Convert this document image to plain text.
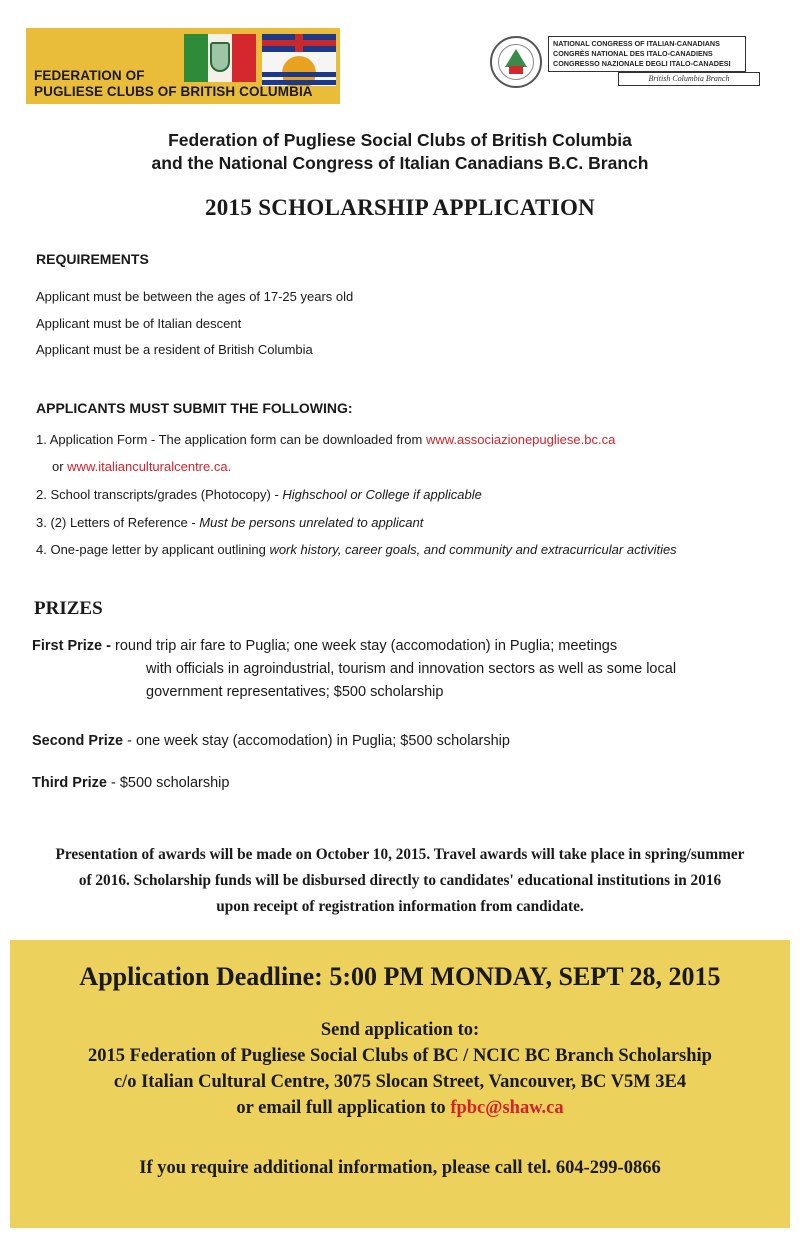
FEDERATION OF
PUGLIESE CLUBS OF BRITISH COLUMBIA
NATIONAL CONGRESS OF ITALIAN-CANADIANS
CONGRÈS NATIONAL DES ITALO-CANADIENS
CONGRESSO NAZIONALE DEGLI ITALO-CANADESI
British Columbia Branch
Federation of Pugliese Social Clubs of British Columbia
and the National Congress of Italian Canadians B.C. Branch
2015 SCHOLARSHIP APPLICATION
REQUIREMENTS
Applicant must be between the ages of 17-25 years old
Applicant must be of Italian descent
Applicant must be a resident of British Columbia
APPLICANTS MUST SUBMIT THE FOLLOWING:
1. Application Form - The application form can be downloaded from www.associazionepugliese.bc.ca
or www.italianculturalcentre.ca.
2. School transcripts/grades (Photocopy) - Highschool or College if applicable
3. (2) Letters of Reference - Must be persons unrelated to applicant
4. One-page letter by applicant outlining work history, career goals, and community and extracurricular activities
PRIZES
First Prize - round trip air fare to Puglia; one week stay (accomodation) in Puglia; meetings
with officials in agroindustrial, tourism and innovation sectors as well as some local
government representatives; $500 scholarship
Second Prize - one week stay (accomodation) in Puglia; $500 scholarship
Third Prize - $500 scholarship
Presentation of awards will be made on October 10, 2015. Travel awards will take place in spring/summer
of 2016. Scholarship funds will be disbursed directly to candidates' educational institutions in 2016
upon receipt of registration information from candidate.
Application Deadline: 5:00 PM MONDAY, SEPT 28, 2015
Send application to:
2015 Federation of Pugliese Social Clubs of BC / NCIC BC Branch Scholarship
c/o Italian Cultural Centre, 3075 Slocan Street, Vancouver, BC V5M 3E4
or email full application to fpbc@shaw.ca
If you require additional information, please call tel. 604-299-0866
